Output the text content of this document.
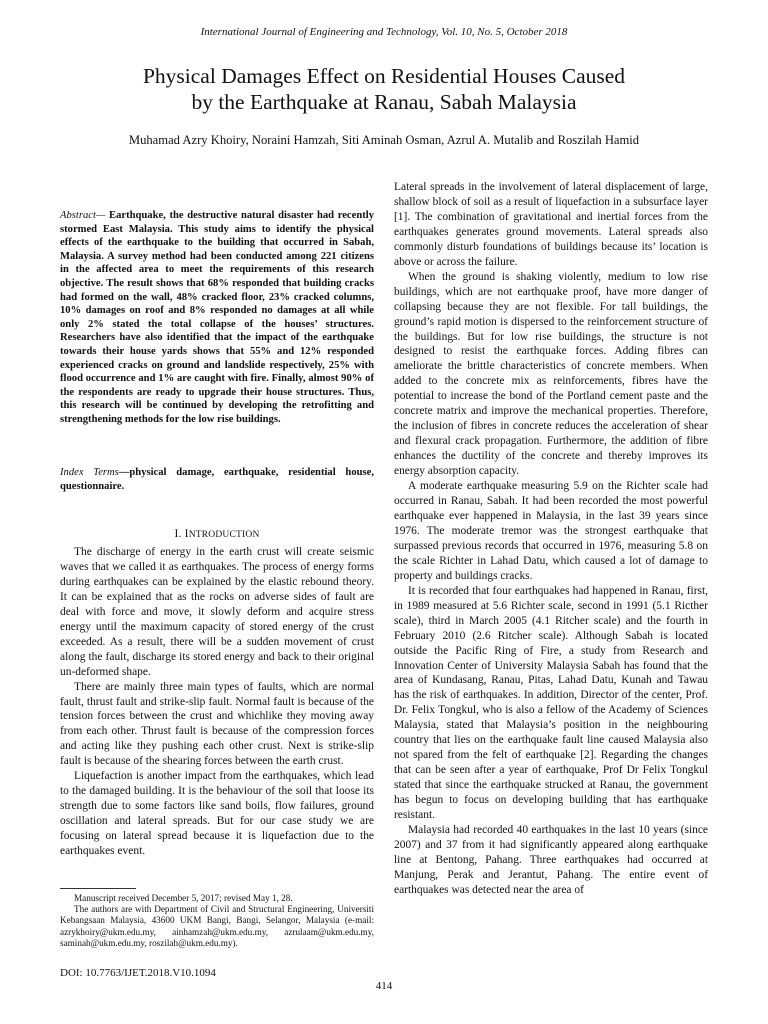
International Journal of Engineering and Technology, Vol. 10, No. 5, October 2018
Physical Damages Effect on Residential Houses Caused
by the Earthquake at Ranau, Sabah Malaysia
Muhamad Azry Khoiry, Noraini Hamzah, Siti Aminah Osman, Azrul A. Mutalib and Roszilah Hamid
Abstract— Earthquake, the destructive natural disaster had recently stormed East Malaysia. This study aims to identify the physical effects of the earthquake to the building that occurred in Sabah, Malaysia. A survey method had been conducted among 221 citizens in the affected area to meet the requirements of this research objective. The result shows that 68% responded that building cracks had formed on the wall, 48% cracked floor, 23% cracked columns, 10% damages on roof and 8% responded no damages at all while only 2% stated the total collapse of the houses’ structures. Researchers have also identified that the impact of the earthquake towards their house yards shows that 55% and 12% responded experienced cracks on ground and landslide respectively, 25% with flood occurrence and 1% are caught with fire. Finally, almost 90% of the respondents are ready to upgrade their house structures. Thus, this research will be continued by developing the retrofitting and strengthening methods for the low rise buildings.
Index Terms—physical damage, earthquake, residential house, questionnaire.
I. INTRODUCTION

The discharge of energy in the earth crust will create seismic waves that we called it as earthquakes. The process of energy forms during earthquakes can be explained by the elastic rebound theory. It can be explained that as the rocks on adverse sides of fault are deal with force and move, it slowly deform and acquire stress energy until the maximum capacity of stored energy of the crust exceeded. As a result, there will be a sudden movement of crust along the fault, discharge its stored energy and back to their original un-deformed shape.

There are mainly three main types of faults, which are normal fault, thrust fault and strike-slip fault. Normal fault is because of the tension forces between the crust and whichlike they moving away from each other. Thrust fault is because of the compression forces and acting like they pushing each other crust. Next is strike-slip fault is because of the shearing forces between the earth crust.

Liquefaction is another impact from the earthquakes, which lead to the damaged building. It is the behaviour of the soil that loose its strength due to some factors like sand boils, flow failures, ground oscillation and lateral spreads. But for our case study we are focusing on lateral spread because it is liquefaction due to the earthquakes event.

Manuscript received December 5, 2017; revised May 1, 28.

The authors are with Department of Civil and Structural Engineering, Universiti Kebangsaan Malaysia, 43600 UKM Bangi, Bangi, Selangor, Malaysia (e-mail: azrykhoiry@ukm.edu.my, ainhamzah@ukm.edu.my, azrulaam@ukm.edu.my, saminah@ukm.edu.my, roszilah@ukm.edu.my).

Lateral spreads in the involvement of lateral displacement of large, shallow block of soil as a result of liquefaction in a subsurface layer [1]. The combination of gravitational and inertial forces from the earthquakes generates ground movements. Lateral spreads also commonly disturb foundations of buildings because its’ location is above or across the failure.

When the ground is shaking violently, medium to low rise buildings, which are not earthquake proof, have more danger of collapsing because they are not flexible. For tall buildings, the ground’s rapid motion is dispersed to the reinforcement structure of the buildings. But for low rise buildings, the structure is not designed to resist the earthquake forces. Adding fibres can ameliorate the brittle characteristics of concrete members. When added to the concrete mix as reinforcements, fibres have the potential to increase the bond of the Portland cement paste and the concrete matrix and improve the mechanical properties. Therefore, the inclusion of fibres in concrete reduces the acceleration of shear and flexural crack propagation. Furthermore, the addition of fibre enhances the ductility of the concrete and thereby improves its energy absorption capacity.

A moderate earthquake measuring 5.9 on the Richter scale had occurred in Ranau, Sabah. It had been recorded the most powerful earthquake ever happened in Malaysia, in the last 39 years since 1976. The moderate tremor was the strongest earthquake that surpassed previous records that occurred in 1976, measuring 5.8 on the scale Richter in Lahad Datu, which caused a lot of damage to property and buildings cracks.

It is recorded that four earthquakes had happened in Ranau, first, in 1989 measured at 5.6 Richter scale, second in 1991 (5.1 Ricther scale), third in March 2005 (4.1 Ritcher scale) and the fourth in February 2010 (2.6 Ritcher scale). Although Sabah is located outside the Pacific Ring of Fire, a study from Research and Innovation Center of University Malaysia Sabah has found that the area of Kundasang, Ranau, Pitas, Lahad Datu, Kunah and Tawau has the risk of earthquakes. In addition, Director of the center, Prof. Dr. Felix Tongkul, who is also a fellow of the Academy of Sciences Malaysia, stated that Malaysia’s position in the neighbouring country that lies on the earthquake fault line caused Malaysia also not spared from the felt of earthquake [2]. Regarding the changes that can be seen after a year of earthquake, Prof Dr Felix Tongkul stated that since the earthquake strucked at Ranau, the government has begun to focus on developing building that has earthquake resistant.

Malaysia had recorded 40 earthquakes in the last 10 years (since 2007) and 37 from it had significantly appeared along earthquake line at Bentong, Pahang. Three earthquakes had occurred at Manjung, Perak and Jerantut, Pahang. The entire event of earthquakes was detected near the area of

DOI: 10.7763/IJET.2018.V10.1094
414
